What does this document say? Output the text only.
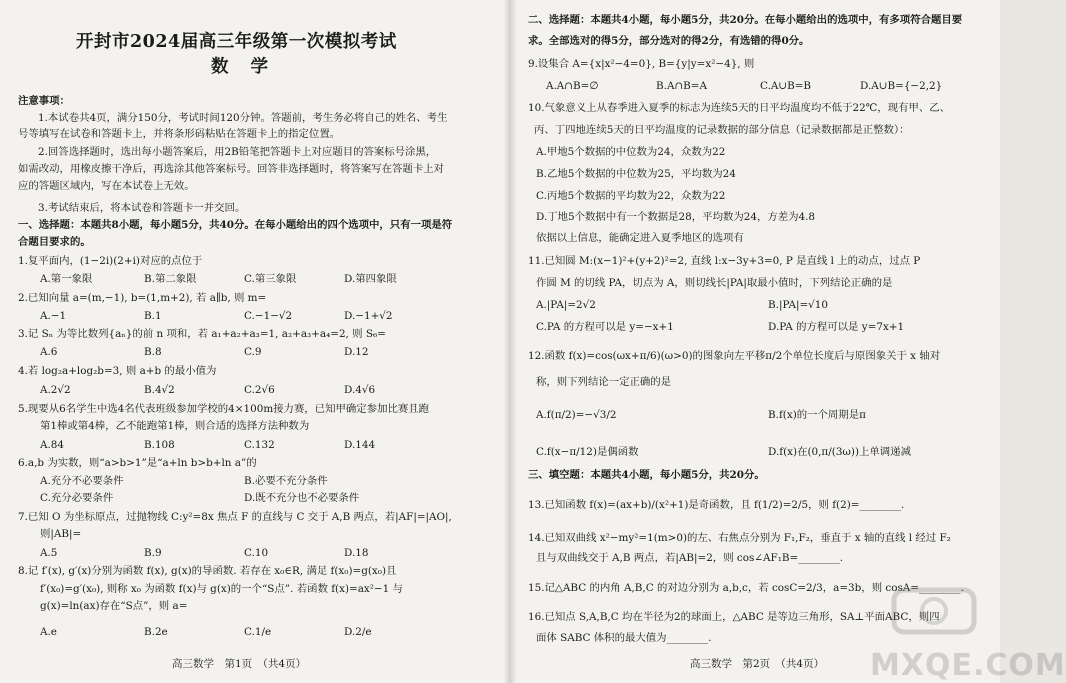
开封市2024届高三年级第一次模拟考试
数学
注意事项：
1.本试卷共4页，满分150分，考试时间120分钟。答题前，考生务必将自己的姓名、考生
号等填写在试卷和答题卡上，并将条形码粘贴在答题卡上的指定位置。
2.回答选择题时，选出每小题答案后，用2B铅笔把答题卡上对应题目的答案标号涂黑，
如需改动，用橡皮擦干净后，再选涂其他答案标号。回答非选择题时，将答案写在答题卡上对
应的答题区域内，写在本试卷上无效。
3.考试结束后，将本试卷和答题卡一并交回。
一、选择题：本题共8小题，每小题5分，共40分。在每小题给出的四个选项中，只有一项是符
合题目要求的。
1.复平面内，(1−2i)(2+i)对应的点位于
A.第一象限	B.第二象限	C.第三象限	D.第四象限
2.已知向量 a=(m,−1), b=(1,m+2), 若 a∥b, 则 m=
A.−1	B.1	C.−1−√2	D.−1+√2
3.记 Sₙ 为等比数列{aₙ}的前 n 项和，若 a₁+a₂+a₃=1, a₂+a₃+a₄=2, 则 S₆=
A.6	B.8	C.9	D.12
4.若 log₂a+log₂b=3, 则 a+b 的最小值为
A.2√2	B.4√2	C.2√6	D.4√6
5.现要从6名学生中选4名代表班级参加学校的4×100m接力赛，已知甲确定参加比赛且跑
第1棒或第4棒，乙不能跑第1棒，则合适的选择方法种数为
A.84	B.108	C.132	D.144
6.a,b 为实数，则“a>b>1”是“a+ln b>b+ln a”的
A.充分不必要条件	B.必要不充分条件
C.充分必要条件	D.既不充分也不必要条件
7.已知 O 为坐标原点，过抛物线 C:y²=8x 焦点 F 的直线与 C 交于 A,B 两点，若|AF|=|AO|,
则|AB|=
A.5	B.9	C.10	D.18
8.记 f′(x), g′(x)分别为函数 f(x), g(x)的导函数. 若存在 x₀∈R, 满足 f(x₀)=g(x₀)且
f′(x₀)=g′(x₀), 则称 x₀ 为函数 f(x)与 g(x)的一个“S点”. 若函数 f(x)=ax²−1 与
g(x)=ln(ax)存在“S点”，则 a=
A.e	B.2e	C.1/e	D.2/e
高三数学　第1页　（共4页）
二、选择题：本题共4小题，每小题5分，共20分。在每小题给出的选项中，有多项符合题目要
求。全部选对的得5分，部分选对的得2分，有选错的得0分。
9.设集合 A={x|x²−4=0}, B={y|y=x²−4}, 则
A.A∩B=∅	B.A∩B=A	C.A∪B=B	D.A∪B={−2,2}
10.气象意义上从春季进入夏季的标志为连续5天的日平均温度均不低于22℃，现有甲、乙、
丙、丁四地连续5天的日平均温度的记录数据的部分信息（记录数据都是正整数）：
A.甲地5个数据的中位数为24，众数为22
B.乙地5个数据的中位数为25，平均数为24
C.丙地5个数据的平均数为22，众数为22
D.丁地5个数据中有一个数据是28，平均数为24，方差为4.8
依据以上信息，能确定进入夏季地区的选项有
11.已知圆 M:(x−1)²+(y+2)²=2, 直线 l:x−3y+3=0, P 是直线 l 上的动点，过点 P
作圆 M 的切线 PA，切点为 A，则切线长|PA|取最小值时，下列结论正确的是
A.|PA|=2√2	B.|PA|=√10
C.PA 的方程可以是 y=−x+1	D.PA 的方程可以是 y=7x+1
12.函数 f(x)=cos(ωx+π/6)(ω>0)的图象向左平移π/2个单位长度后与原图象关于 x 轴对
称，则下列结论一定正确的是
A.f(π/2)=−√3/2	B.f(x)的一个周期是π
C.f(x−π/12)是偶函数	D.f(x)在(0,π/(3ω))上单调递减
三、填空题：本题共4小题，每小题5分，共20分。
13.已知函数 f(x)=(ax+b)/(x²+1)是奇函数，且 f(1/2)=2/5，则 f(2)=________.
14.已知双曲线 x²−my²=1(m>0)的左、右焦点分别为 F₁,F₂，垂直于 x 轴的直线 l 经过 F₂
且与双曲线交于 A,B 两点，若|AB|=2，则 cos∠AF₁B=________.
15.记△ABC 的内角 A,B,C 的对边分别为 a,b,c，若 cosC=2/3，a=3b，则 cosA=________.
16.已知点 S,A,B,C 均在半径为2的球面上，△ABC 是等边三角形，SA⊥平面ABC，则四
面体 SABC 体积的最大值为________.
高三数学　第2页　（共4页） MXQE.COM
